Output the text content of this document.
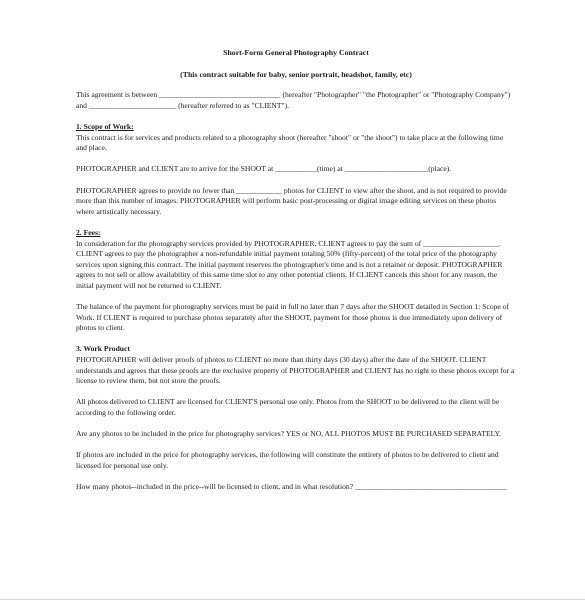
Short-Form General Photography Contract
(This contract suitable for baby, senior portrait, headshot, family, etc)

This agreement is between ________________________________ (hereafter "Photographer" "the Photographer" or "Photography Company") and _______________________ (hereafter referred to as "CLIENT").

1. Scope of Work:

This contract is for services and products related to a photography shoot (hereafter "shoot" or "the shoot") to take place at the following time and place.

PHOTOGRAPHER and CLIENT are to arrive for the SHOOT at ___________(time) at ______________________(place).

PHOTOGRAPHER agrees to provide no fewer than ____________ photos for CLIENT to view after the shoot, and is not required to provide more than this number of images. PHOTOGRAPHER will perform basic post-processing or digital image editing services on these photos where artistically necessary.

2. Fees:

In consideration for the photography services provided by PHOTOGRAPHER, CLIENT agrees to pay the sum of ____________________. CLIENT agrees to pay the photographer a non-refundable initial payment totaling 50% (fifty-percent) of the total price of the photography services upon signing this contract. The initial payment reserves the photographer's time and is not a retainer or deposit. PHOTOGRAPHER agrees to not sell or allow availability of this same time slot to any other potential clients. If CLIENT cancels this shoot for any reason, the initial payment will not be returned to CLIENT.

The balance of the payment for photography services must be paid in full no later than 7 days after the SHOOT detailed in Section 1: Scope of Work. If CLIENT is required to purchase photos separately after the SHOOT, payment for those photos is due immediately upon delivery of photos to client.

3. Work Product

PHOTOGRAPHER will deliver proofs of photos to CLIENT no more than thirty days (30 days) after the date of the SHOOT. CLIENT understands and agrees that these proofs are the exclusive property of PHOTOGRAPHER and CLIENT has no right to these photos except for a license to review them, but not store the proofs.

All photos delivered to CLIENT are licensed for CLIENT'S personal use only. Photos from the SHOOT to be delivered to the client will be according to the following order.

Are any photos to be included in the price for photography services? YES or NO, ALL PHOTOS MUST BE PURCHASED SEPARATELY.

If photos are included in the price for photography services, the following will constitute the entirety of photos to be delivered to client and licensed for personal use only.

How many photos--included in the price--will be licensed to client, and in what resolution? ________________________________________
